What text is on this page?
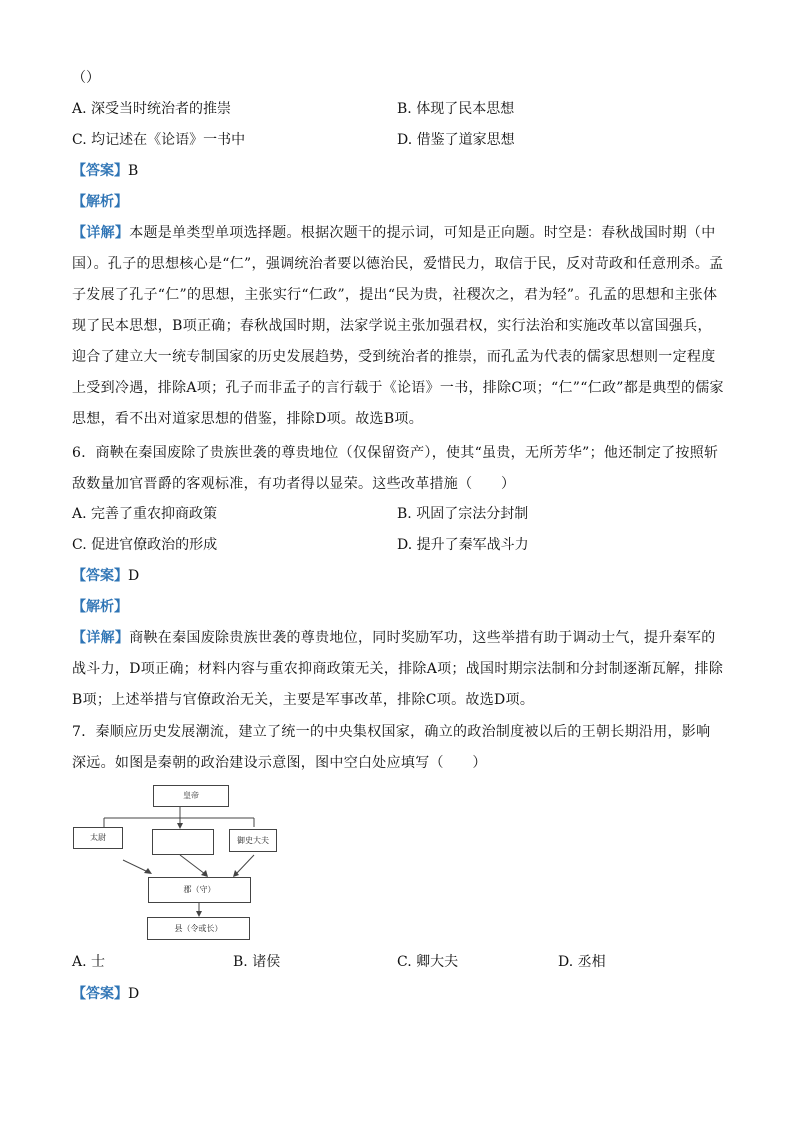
（）
A. 深受当时统治者的推崇	B. 体现了民本思想
C. 均记述在《论语》一书中	D. 借鉴了道家思想
【答案】B
【解析】
【详解】本题是单类型单项选择题。根据次题干的提示词，可知是正向题。时空是：春秋战国时期（中国）。孔子的思想核心是“仁”，强调统治者要以德治民，爱惜民力，取信于民，反对苛政和任意刑杀。孟子发展了孔子“仁”的思想，主张实行“仁政”，提出“民为贵，社稷次之，君为轻”。孔孟的思想和主张体现了民本思想，B项正确；春秋战国时期，法家学说主张加强君权，实行法治和实施改革以富国强兵，迎合了建立大一统专制国家的历史发展趋势，受到统治者的推崇，而孔孟为代表的儒家思想则一定程度上受到冷遇，排除A项；孔子而非孟子的言行载于《论语》一书，排除C项；“仁”“仁政”都是典型的儒家思想，看不出对道家思想的借鉴，排除D项。故选B项。
6．商鞅在秦国废除了贵族世袭的尊贵地位（仅保留资产），使其“虽贵，无所芳华”；他还制定了按照斩敌数量加官晋爵的客观标准，有功者得以显荣。这些改革措施（　　）
A. 完善了重农抑商政策	B. 巩固了宗法分封制
C. 促进官僚政治的形成	D. 提升了秦军战斗力
【答案】D
【解析】
【详解】商鞅在秦国废除贵族世袭的尊贵地位，同时奖励军功，这些举措有助于调动士气，提升秦军的战斗力，D项正确；材料内容与重农抑商政策无关，排除A项；战国时期宗法制和分封制逐渐瓦解，排除B项；上述举措与官僚政治无关，主要是军事改革，排除C项。故选D项。
7．秦顺应历史发展潮流，建立了统一的中央集权国家，确立的政治制度被以后的王朝长期沿用，影响深远。如图是秦朝的政治建设示意图，图中空白处应填写（　　）
皇帝
太尉	御史大夫
郡（守）
县（令或长）
A. 士	B. 诸侯	C. 卿大夫	D. 丞相
【答案】D
